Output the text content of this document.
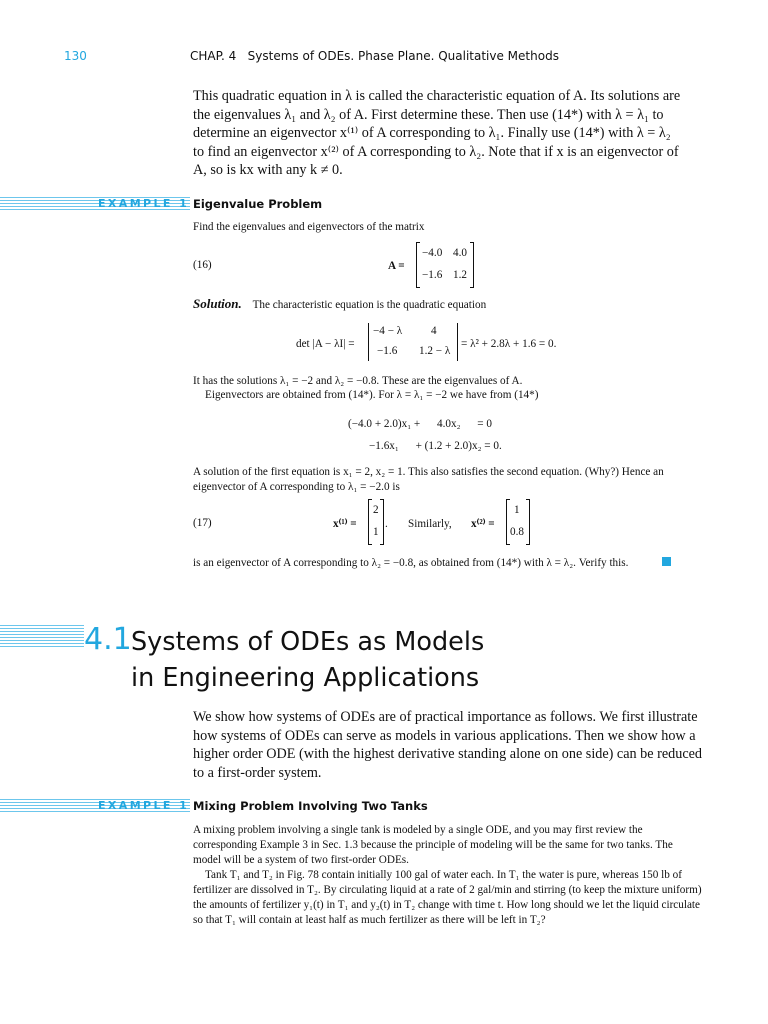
130	CHAP. 4   Systems of ODEs. Phase Plane. Qualitative Methods
This quadratic equation in λ is called the characteristic equation of A. Its solutions are
the eigenvalues λ₁ and λ₂ of A. First determine these. Then use (14*) with λ = λ₁ to
determine an eigenvector x⁽¹⁾ of A corresponding to λ₁. Finally use (14*) with λ = λ₂
to find an eigenvector x⁽²⁾ of A corresponding to λ₂. Note that if x is an eigenvector of
A, so is kx with any k ≠ 0.
EXAMPLE 1 Eigenvalue Problem
Find the eigenvalues and eigenvectors of the matrix
(16)	A =
−4.0 4.0
−1.6 1.2
Solution. The characteristic equation is the quadratic equation
det |A − λI| =
−4 − λ	4
−1.6 1.2 − λ
= λ² + 2.8λ + 1.6 = 0.
It has the solutions λ₁ = −2 and λ₂ = −0.8. These are the eigenvalues of A.
Eigenvectors are obtained from (14*). For λ = λ₁ = −2 we have from (14*)
(−4.0 + 2.0)x₁ +      4.0x₂      = 0
−1.6x₁      + (1.2 + 2.0)x₂ = 0.
A solution of the first equation is x₁ = 2, x₂ = 1. This also satisfies the second equation. (Why?) Hence an
eigenvector of A corresponding to λ₁ = −2.0 is
(17)	x⁽¹⁾ =
2
1
. Similarly, x⁽²⁾ =
1
0.8
is an eigenvector of A corresponding to λ₂ = −0.8, as obtained from (14*) with λ = λ₂. Verify this.
4.1 Systems of ODEs as Models
in Engineering Applications
We show how systems of ODEs are of practical importance as follows. We first illustrate
how systems of ODEs can serve as models in various applications. Then we show how a
higher order ODE (with the highest derivative standing alone on one side) can be reduced
to a first-order system.
EXAMPLE 1 Mixing Problem Involving Two Tanks
A mixing problem involving a single tank is modeled by a single ODE, and you may first review the
corresponding Example 3 in Sec. 1.3 because the principle of modeling will be the same for two tanks. The
model will be a system of two first-order ODEs.
Tank T₁ and T₂ in Fig. 78 contain initially 100 gal of water each. In T₁ the water is pure, whereas 150 lb of
fertilizer are dissolved in T₂. By circulating liquid at a rate of 2 gal/min and stirring (to keep the mixture uniform)
the amounts of fertilizer y₁(t) in T₁ and y₂(t) in T₂ change with time t. How long should we let the liquid circulate
so that T₁ will contain at least half as much fertilizer as there will be left in T₂?
